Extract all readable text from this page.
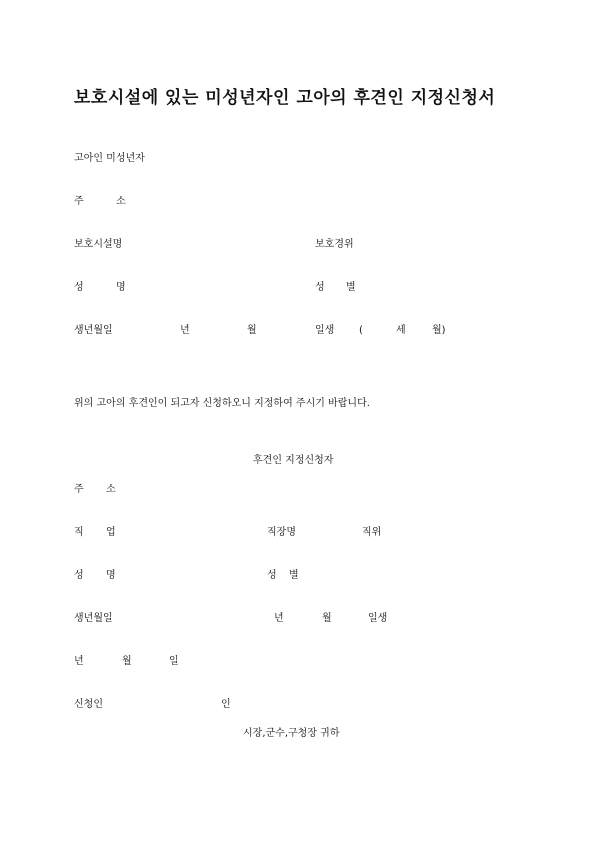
보호시설에 있는 미성년자인 고아의 후견인 지정신청서
고아인 미성년자
주	소
보호시설명	보호경위
성	명	성 별
생년월일	년	월	일생 (	세	월)
위의 고아의 후견인이 되고자 신청하오니 지정하여 주시기 바랍니다.
후견인 지정신청자
주 소
직 업	직장명	직위
성 명	성 별
생년월일	년	월	일생
년	월	일
신청인	인
시장,군수,구청장 귀하
